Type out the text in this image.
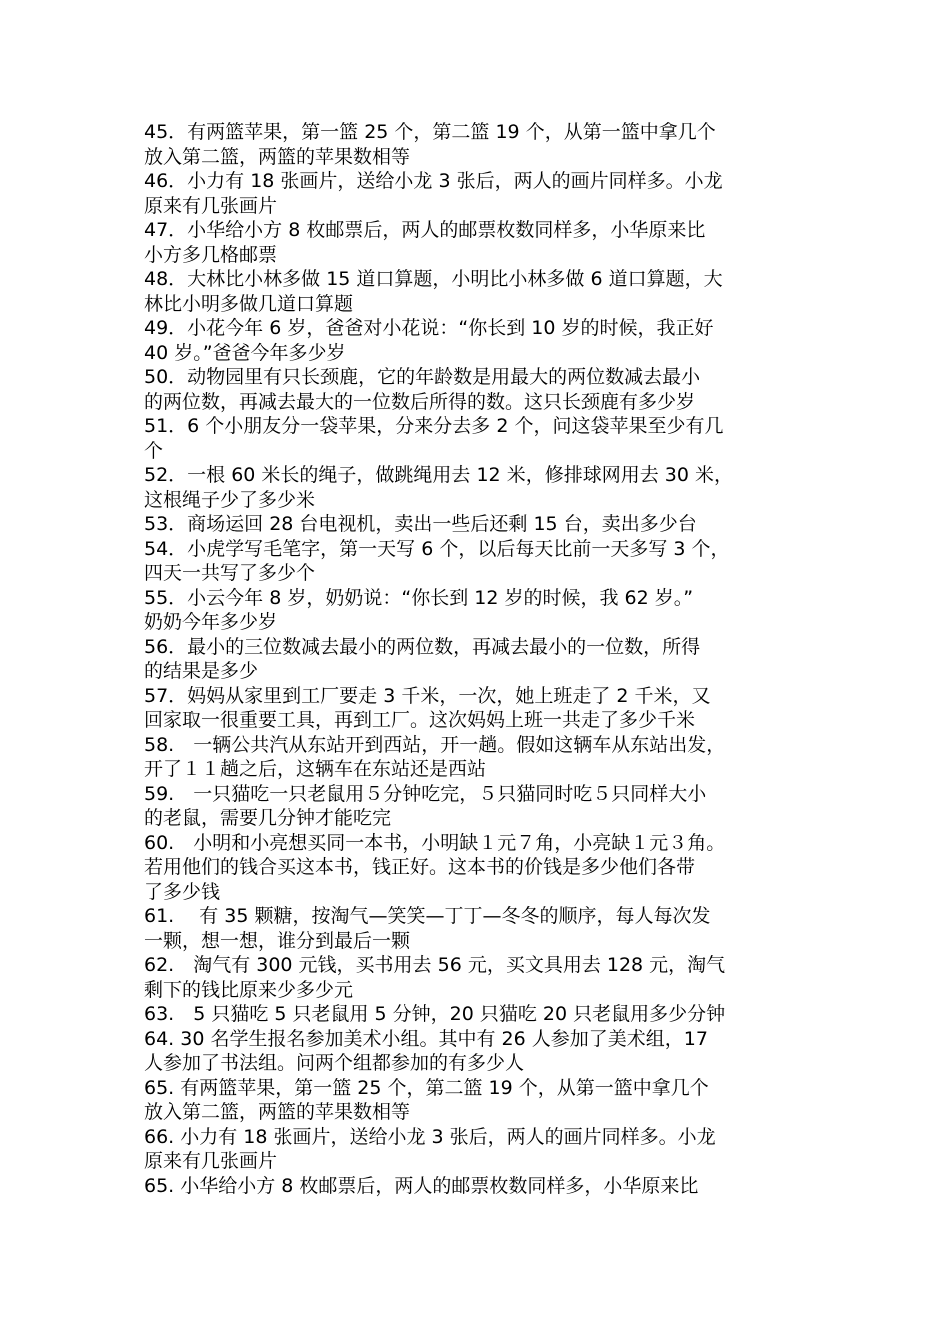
45．有两篮苹果，第一篮 25 个，第二篮 19 个，从第一篮中拿几个
放入第二篮，两篮的苹果数相等
46．小力有 18 张画片，送给小龙 3 张后，两人的画片同样多。小龙
原来有几张画片
47．小华给小方 8 枚邮票后，两人的邮票枚数同样多，小华原来比
小方多几格邮票
48．大林比小林多做 15 道口算题，小明比小林多做 6 道口算题，大
林比小明多做几道口算题
49．小花今年 6 岁，爸爸对小花说：“你长到 10 岁的时候，我正好
40 岁。”爸爸今年多少岁
50．动物园里有只长颈鹿，它的年龄数是用最大的两位数减去最小
的两位数，再减去最大的一位数后所得的数。这只长颈鹿有多少岁
51．6 个小朋友分一袋苹果，分来分去多 2 个，问这袋苹果至少有几
个
52．一根 60 米长的绳子，做跳绳用去 12 米，修排球网用去 30 米，
这根绳子少了多少米
53．商场运回 28 台电视机，卖出一些后还剩 15 台，卖出多少台
54．小虎学写毛笔字，第一天写 6 个，以后每天比前一天多写 3 个，
四天一共写了多少个
55．小云今年 8 岁，奶奶说：“你长到 12 岁的时候，我 62 岁。”
奶奶今年多少岁
56．最小的三位数减去最小的两位数，再减去最小的一位数，所得
的结果是多少
57．妈妈从家里到工厂要走 3 千米，一次，她上班走了 2 千米，又
回家取一很重要工具，再到工厂。这次妈妈上班一共走了多少千米
58.　一辆公共汽从东站开到西站，开一趟。假如这辆车从东站出发，
开了１１趟之后，这辆车在东站还是西站
59.　一只猫吃一只老鼠用５分钟吃完，５只猫同时吃５只同样大小
的老鼠，需要几分钟才能吃完
60.　小明和小亮想买同一本书，小明缺１元７角，小亮缺１元３角。
若用他们的钱合买这本书，钱正好。这本书的价钱是多少他们各带
了多少钱
61.　 有 35 颗糖，按淘气—笑笑—丁丁—冬冬的顺序，每人每次发
一颗，想一想，谁分到最后一颗
62.　淘气有 300 元钱，买书用去 56 元，买文具用去 128 元，淘气
剩下的钱比原来少多少元
63.　5 只猫吃 5 只老鼠用 5 分钟，20 只猫吃 20 只老鼠用多少分钟
64. 30 名学生报名参加美术小组。其中有 26 人参加了美术组，17
人参加了书法组。问两个组都参加的有多少人
65. 有两篮苹果，第一篮 25 个，第二篮 19 个，从第一篮中拿几个
放入第二篮，两篮的苹果数相等
66. 小力有 18 张画片，送给小龙 3 张后，两人的画片同样多。小龙
原来有几张画片
65. 小华给小方 8 枚邮票后，两人的邮票枚数同样多，小华原来比
